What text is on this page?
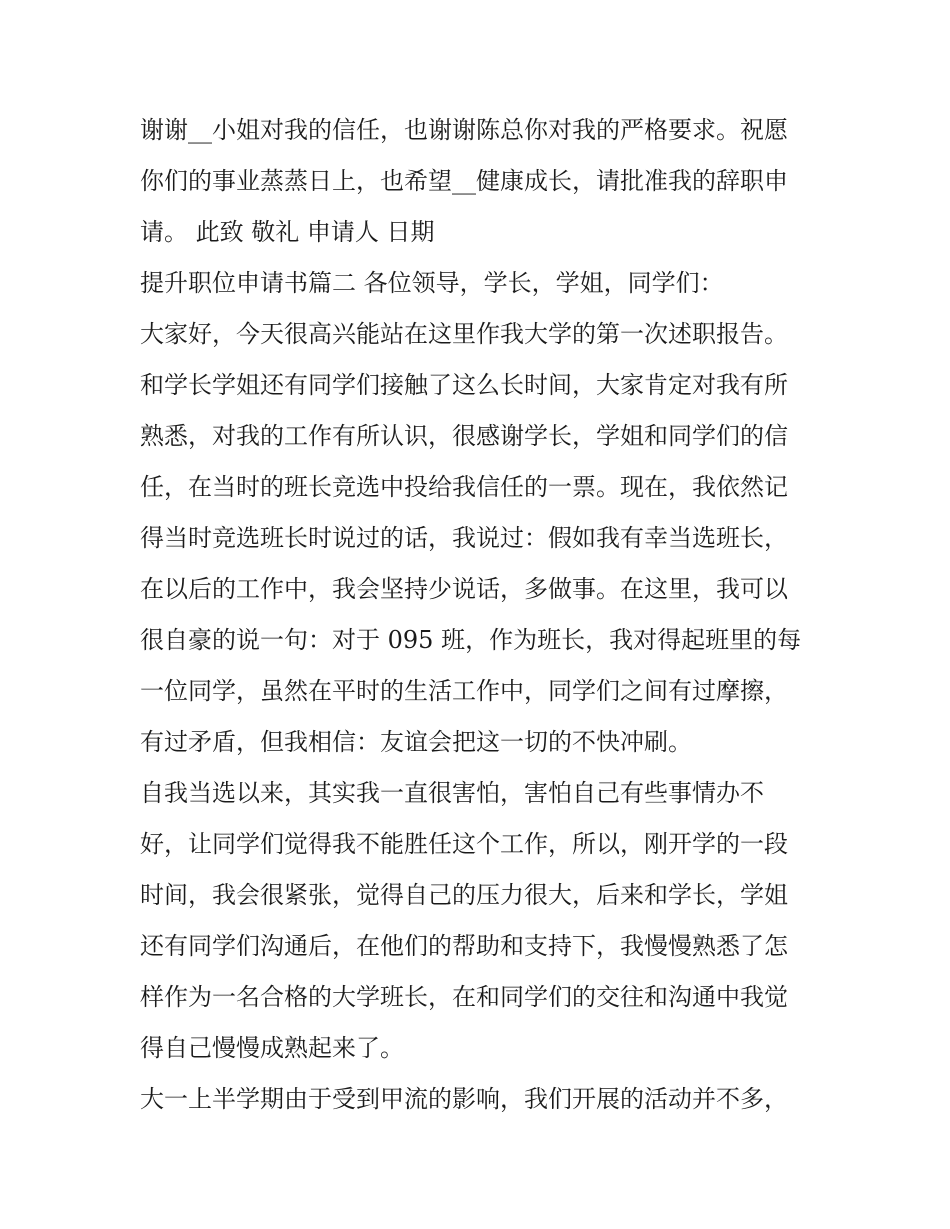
谢谢__小姐对我的信任，也谢谢陈总你对我的严格要求。祝愿
你们的事业蒸蒸日上，也希望__健康成长，请批准我的辞职申
请。 此致 敬礼 申请人 日期
提升职位申请书篇二 各位领导，学长，学姐，同学们：
大家好，今天很高兴能站在这里作我大学的第一次述职报告。
和学长学姐还有同学们接触了这么长时间，大家肯定对我有所
熟悉，对我的工作有所认识，很感谢学长，学姐和同学们的信
任，在当时的班长竞选中投给我信任的一票。现在，我依然记
得当时竞选班长时说过的话，我说过：假如我有幸当选班长，
在以后的工作中，我会坚持少说话，多做事。在这里，我可以
很自豪的说一句：对于 095 班，作为班长，我对得起班里的每
一位同学，虽然在平时的生活工作中，同学们之间有过摩擦，
有过矛盾，但我相信：友谊会把这一切的不快冲刷。
自我当选以来，其实我一直很害怕，害怕自己有些事情办不
好，让同学们觉得我不能胜任这个工作，所以，刚开学的一段
时间，我会很紧张，觉得自己的压力很大，后来和学长，学姐
还有同学们沟通后，在他们的帮助和支持下，我慢慢熟悉了怎
样作为一名合格的大学班长，在和同学们的交往和沟通中我觉
得自己慢慢成熟起来了。
大一上半学期由于受到甲流的影响，我们开展的活动并不多，
